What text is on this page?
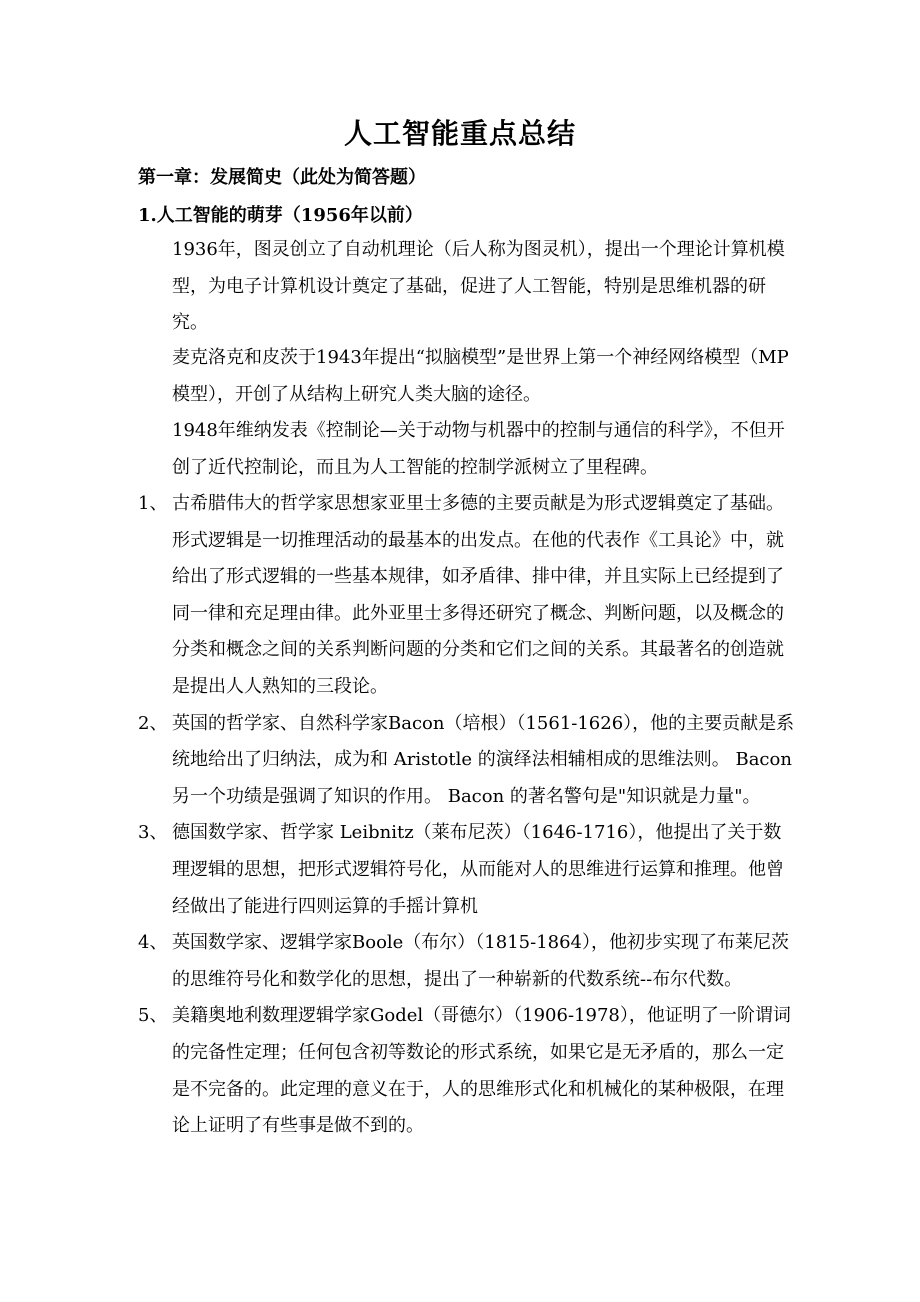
人工智能重点总结
第一章：发展简史（此处为简答题）
1.人工智能的萌芽（1956年以前）

1936年，图灵创立了自动机理论（后人称为图灵机），提出一个理论计算机模型，为电子计算机设计奠定了基础，促进了人工智能，特别是思维机器的研究。

麦克洛克和皮茨于1943年提出“拟脑模型”是世界上第一个神经网络模型（MP模型），开创了从结构上研究人类大脑的途径。

1948年维纳发表《控制论—关于动物与机器中的控制与通信的科学》，不但开创了近代控制论，而且为人工智能的控制学派树立了里程碑。

1、 古希腊伟大的哲学家思想家亚里士多德的主要贡献是为形式逻辑奠定了基础。形式逻辑是一切推理活动的最基本的出发点。在他的代表作《工具论》中，就给出了形式逻辑的一些基本规律，如矛盾律、排中律，并且实际上已经提到了同一律和充足理由律。此外亚里士多得还研究了概念、判断问题，以及概念的分类和概念之间的关系判断问题的分类和它们之间的关系。其最著名的创造就是提出人人熟知的三段论。
2、 英国的哲学家、自然科学家Bacon（培根）（1561-1626），他的主要贡献是系统地给出了归纳法，成为和 Aristotle 的演绎法相辅相成的思维法则。 Bacon 另一个功绩是强调了知识的作用。 Bacon 的著名警句是"知识就是力量"。
3、 德国数学家、哲学家 Leibnitz（莱布尼茨）（1646-1716），他提出了关于数理逻辑的思想，把形式逻辑符号化，从而能对人的思维进行运算和推理。他曾经做出了能进行四则运算的手摇计算机
4、 英国数学家、逻辑学家Boole（布尔）（1815-1864），他初步实现了布莱尼茨的思维符号化和数学化的思想，提出了一种崭新的代数系统--布尔代数。
5、 美籍奥地利数理逻辑学家Godel（哥德尔）（1906-1978），他证明了一阶谓词的完备性定理；任何包含初等数论的形式系统，如果它是无矛盾的，那么一定是不完备的。此定理的意义在于，人的思维形式化和机械化的某种极限，在理论上证明了有些事是做不到的。
